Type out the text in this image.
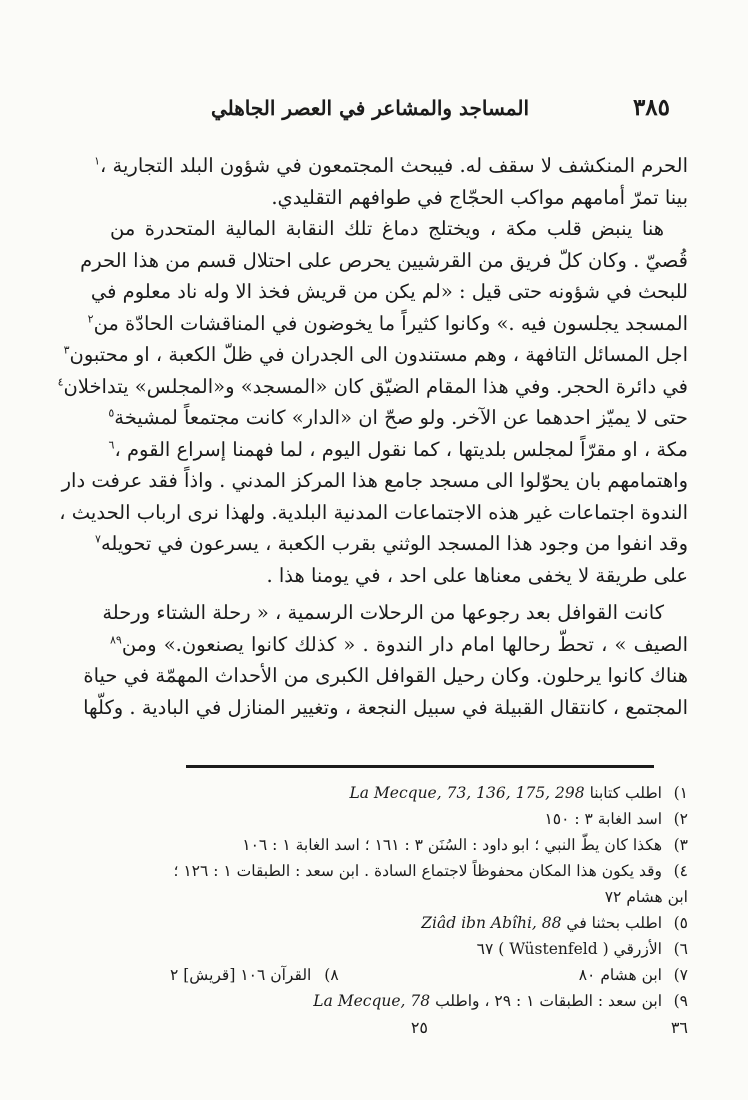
٣٨٥
المساجد والمشاعر في العصر الجاهلي

الحرم المنكشف لا سقف له. فيبحث المجتمعون في شؤون البلد التجارية ،$^١$

بينا تمرّ أمامهم مواكب الحجّاج في طوافهم التقليدي.

هنا ينبض قلب مكة ، ويختلج دماغ تلك النقابة المالية المتحدرة من

قُصيّ . وكان كلّ فريق من القرشيين يحرص على احتلال قسم من هذا الحرم

للبحث في شؤونه حتى قيل : «لم يكن من قريش فخذ الا وله ناد معلوم في

المسجد يجلسون فيه .» وكانوا كثيراً ما يخوضون في المناقشات الحادّة من$^٢$

اجل المسائل التافهة ، وهم مستندون الى الجدران في ظلّ الكعبة ، او محتبون$^٣$

في دائرة الحجر. وفي هذا المقام الضيّق كان «المسجد» و«المجلس» يتداخلان$^٤$

حتى لا يميّز احدهما عن الآخر. ولو صحّ ان «الدار» كانت مجتمعاً لمشيخة$^٥$

مكة ، او مقرّاً لمجلس بلديتها ، كما نقول اليوم ، لما فهمنا إسراع القوم ،$^٦$

واهتمامهم بان يحوّلوا الى مسجد جامع هذا المركز المدني . واذاً فقد عرفت دار

الندوة اجتماعات غير هذه الاجتماعات المدنية البلدية. ولهذا نرى ارباب الحديث ،

وقد انفوا من وجود هذا المسجد الوثني بقرب الكعبة ، يسرعون في تحويله$^٧$

على طريقة لا يخفى معناها على احد ، في يومنا هذا .

كانت القوافل بعد رجوعها من الرحلات الرسمية ، « رحلة الشتاء ورحلة

الصيف » ، تحطّ رحالها امام دار الندوة . « كذلك كانوا يصنعون.» ومن$^{٨٩}$

هناك كانوا يرحلون. وكان رحيل القوافل الكبرى من الأحداث المهمّة في حياة

المجتمع ، كانتقال القبيلة في سبيل النجعة ، وتغيير المنازل في البادية . وكلّها

١)
اطلب كتابنا La Mecque, 73, 136, 175, 298
٢)
اسد الغابة ٣ : ١٥٠
٣)
هكذا كان يطّ النبي ؛ ابو داود : السُنَن ٣ : ١٦١ ؛ اسد الغابة ١ : ١٠٦
٤)
وقد يكون هذا المكان محفوظاً لاجتماع السادة . ابن سعد : الطبقات ١ : ١٢٦ ؛
ابن هشام ٧٢
٥)
اطلب بحثنا في Ziâd ibn Abîhi, 88
٦)
الأزرقي ( Wüstenfeld ) ٦٧
٧)
ابن هشام ٨٠
٨) القرآن ١٠٦ [قريش] ٢
٩)
ابن سعد : الطبقات ١ : ٢٩ ، واطلب La Mecque, 78
٣٦
٢٥
